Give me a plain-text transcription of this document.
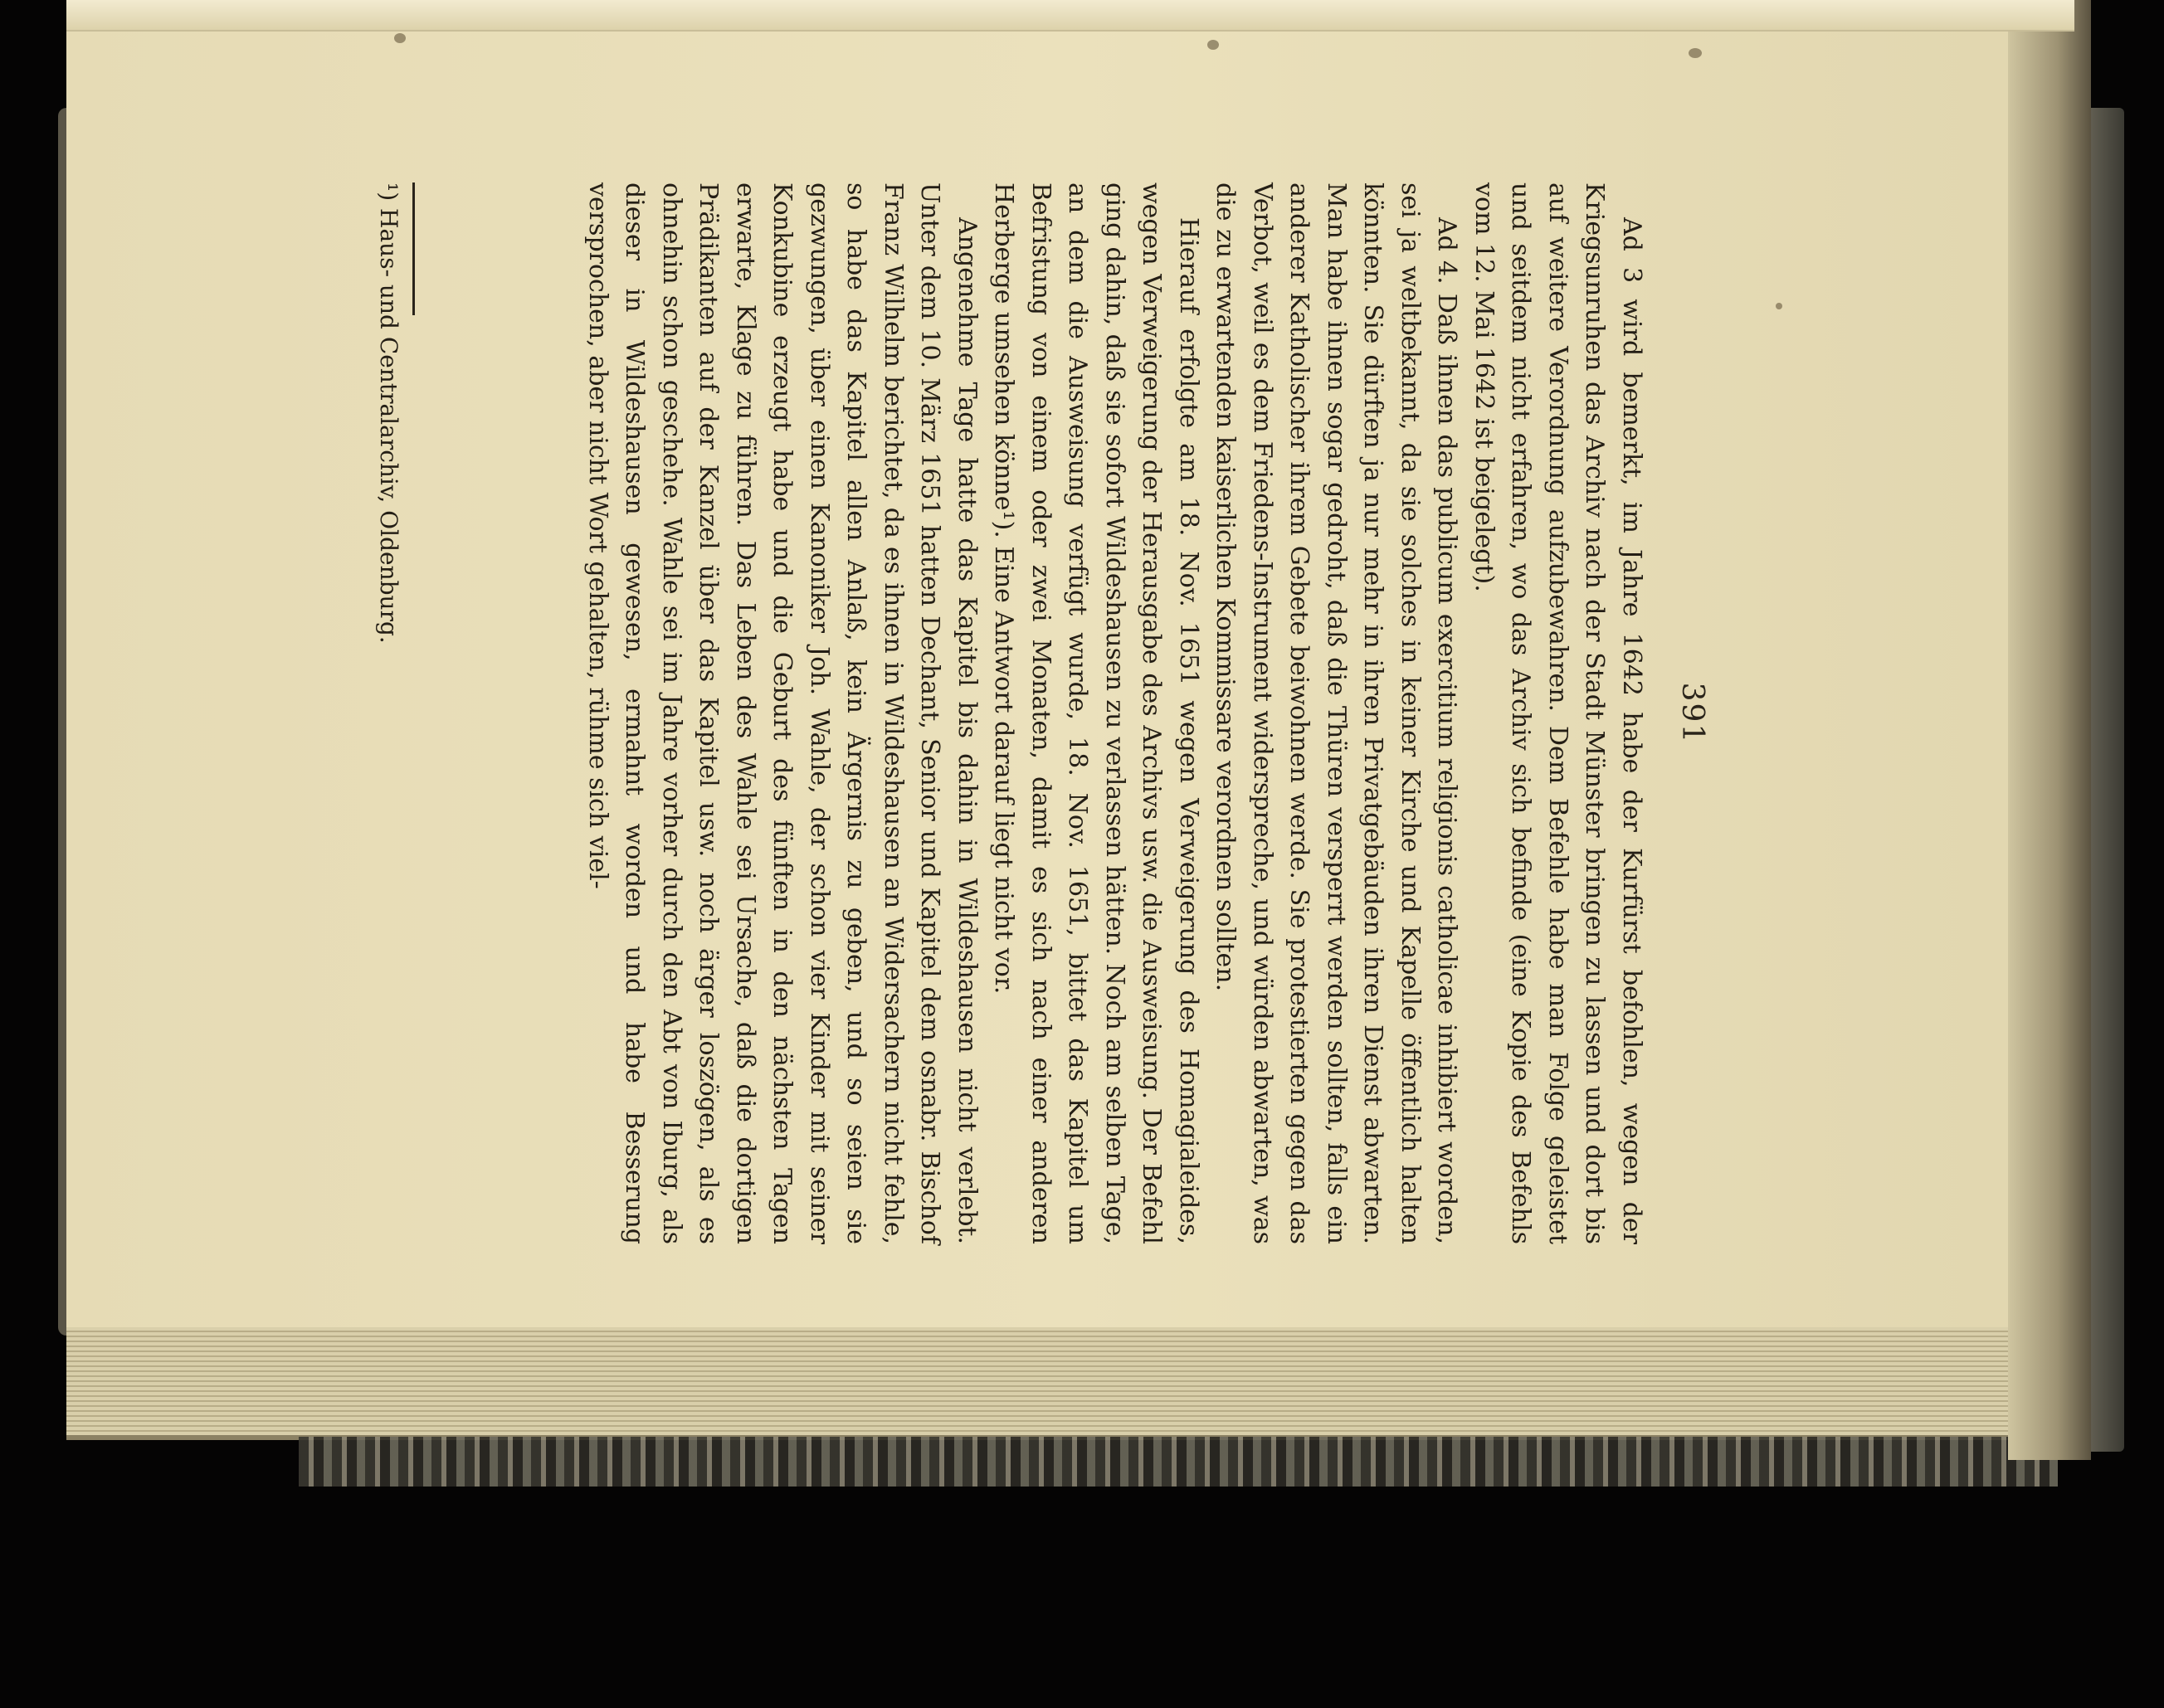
391

Ad 3 wird bemerkt, im Jahre 1642 habe der Kurfürst befohlen, wegen der Kriegsunruhen das Archiv nach der Stadt Münster bringen zu lassen und dort bis auf weitere Verordnung aufzubewahren. Dem Befehle habe man Folge geleistet und seitdem nicht erfahren, wo das Archiv sich befinde (eine Kopie des Befehls vom 12. Mai 1642 ist beigelegt).

Ad 4. Daß ihnen das publicum exercitium religionis catholicae inhibiert worden, sei ja weltbekannt, da sie solches in keiner Kirche und Kapelle öffentlich halten könnten. Sie dürften ja nur mehr in ihren Privatgebäuden ihren Dienst abwarten. Man habe ihnen sogar gedroht, daß die Thüren versperrt werden sollten, falls ein anderer Katholischer ihrem Gebete beiwohnen werde. Sie protestierten gegen das Verbot, weil es dem Friedens-Instrument widerspreche, und würden abwarten, was die zu erwartenden kaiserlichen Kommissare verordnen sollten.

Hierauf erfolgte am 18. Nov. 1651 wegen Verweigerung des Homagialeides, wegen Verweigerung der Herausgabe des Archivs usw. die Ausweisung. Der Befehl ging dahin, daß sie sofort Wildeshausen zu verlassen hätten. Noch am selben Tage, an dem die Ausweisung verfügt wurde, 18. Nov. 1651, bittet das Kapitel um Befristung von einem oder zwei Monaten, damit es sich nach einer anderen Herberge umsehen könne¹). Eine Antwort darauf liegt nicht vor.

Angenehme Tage hatte das Kapitel bis dahin in Wildeshausen nicht verlebt. Unter dem 10. März 1651 hatten Dechant, Senior und Kapitel dem osnabr. Bischof Franz Wilhelm berichtet, da es ihnen in Wildeshausen an Widersachern nicht fehle, so habe das Kapitel allen Anlaß, kein Ärgernis zu geben, und so seien sie gezwungen, über einen Kanoniker Joh. Wahle, der schon vier Kinder mit seiner Konkubine erzeugt habe und die Geburt des fünften in den nächsten Tagen erwarte, Klage zu führen. Das Leben des Wahle sei Ursache, daß die dortigen Prädikanten auf der Kanzel über das Kapitel usw. noch ärger loszögen, als es ohnehin schon geschehe. Wahle sei im Jahre vorher durch den Abt von Iburg, als dieser in Wildeshausen gewesen, ermahnt worden und habe Besserung versprochen, aber nicht Wort gehalten, rühme sich viel-

¹) Haus- und Centralarchiv, Oldenburg.
